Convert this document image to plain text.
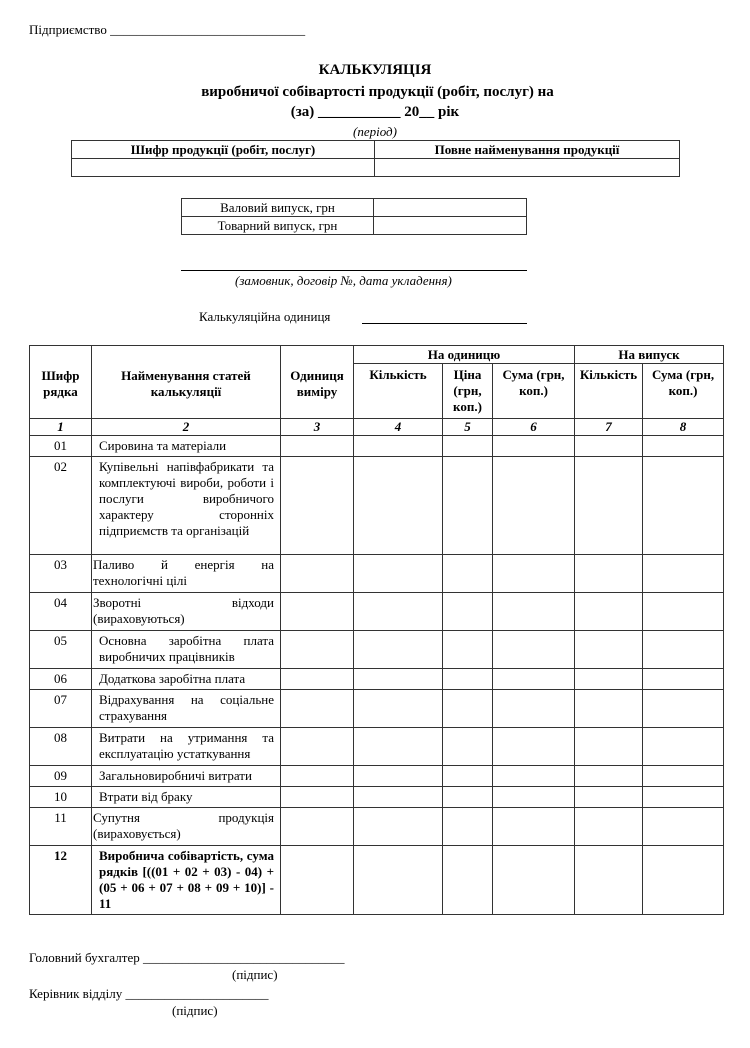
Підприємство ______________________________
КАЛЬКУЛЯЦІЯ
виробничої собівартості продукції (робіт, послуг) на
(за) ___________ 20__ рік
(період)
Шифр продукції (робіт, послуг)	Повне найменування продукції

Валовий випуск, грн	
Товарний випуск, грн	
(замовник, договір №, дата укладення)
Калькуляційна одиниця
Шифр рядка	Найменування статей калькуляції	Одиниця виміру	На одиницю			На випуск	
			Кількість	Ціна (грн, коп.)	Сума (грн, коп.)	Кількість	Сума (грн, коп.)
1	2	3	4	5	6	7	8
01	Сировина та матеріали						
02	Купівельні напівфабрикати та комплектуючі вироби, роботи і послуги виробничого характеру сторонніх підприємств та організацій						
03	Паливо й енергія на технологічні цілі						
04	Зворотні відходи (вираховуються)						
05	Основна заробітна плата виробничих працівників						
06	Додаткова заробітна плата						
07	Відрахування на соціальне страхування						
08	Витрати на утримання та експлуатацію устаткування						
09	Загальновиробничі витрати						
10	Втрати від браку						
11	Супутня продукція (вираховується)						
12	Виробнича собівартість, сума рядків [((01 + 02 + 03) - 04) + (05 + 06 + 07 + 08 + 09 + 10)] - 11						
Головний бухгалтер _______________________________
(підпис)
Керівник відділу ______________________
(підпис)
